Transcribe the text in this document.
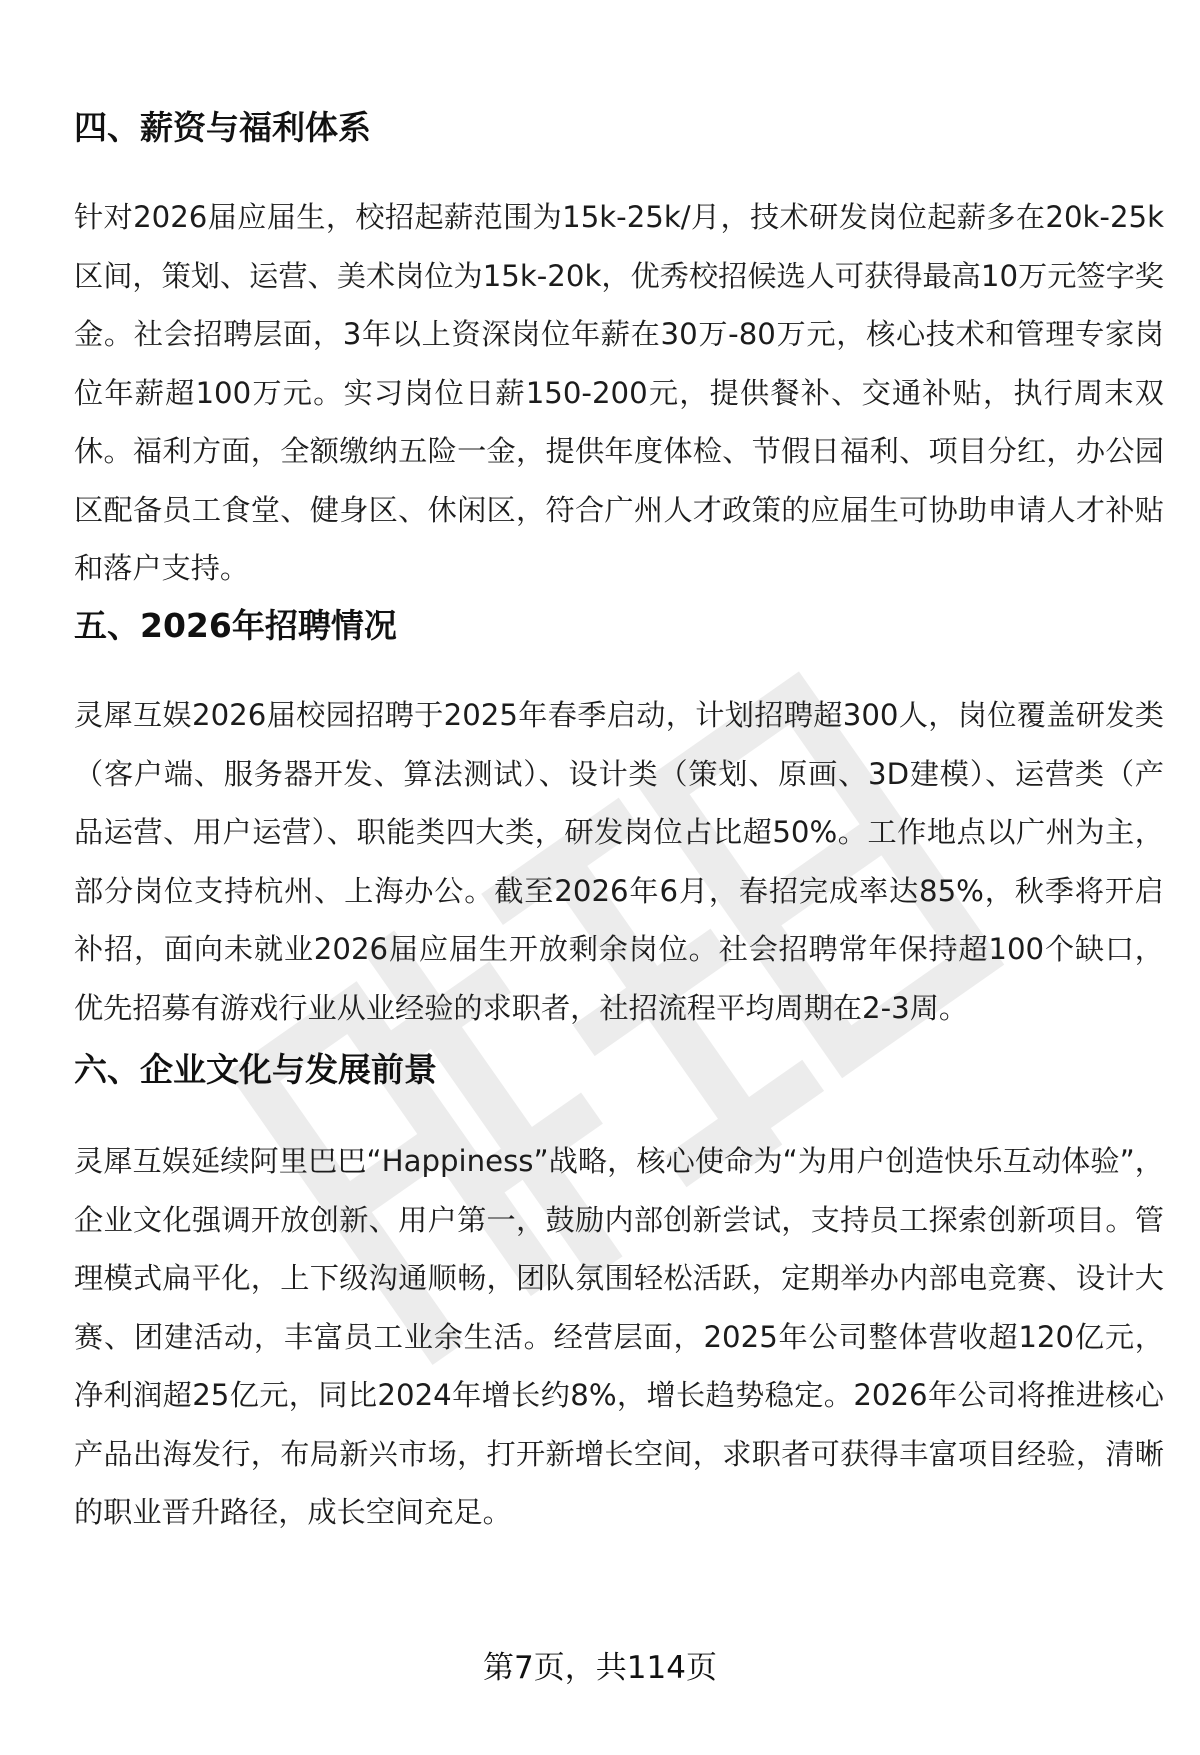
四、薪资与福利体系

针对2026届应届生，校招起薪范围为15k-25k/月，技术研发岗位起薪多在20k-25k区间，策划、运营、美术岗位为15k-20k，优秀校招候选人可获得最高10万元签字奖金。社会招聘层面，3年以上资深岗位年薪在30万-80万元，核心技术和管理专家岗位年薪超100万元。实习岗位日薪150-200元，提供餐补、交通补贴，执行周末双休。福利方面，全额缴纳五险一金，提供年度体检、节假日福利、项目分红，办公园区配备员工食堂、健身区、休闲区，符合广州人才政策的应届生可协助申请人才补贴和落户支持。

五、2026年招聘情况

灵犀互娱2026届校园招聘于2025年春季启动，计划招聘超300人，岗位覆盖研发类（客户端、服务器开发、算法测试）、设计类（策划、原画、3D建模）、运营类（产品运营、用户运营）、职能类四大类，研发岗位占比超50%。工作地点以广州为主，部分岗位支持杭州、上海办公。截至2026年6月，春招完成率达85%，秋季将开启补招，面向未就业2026届应届生开放剩余岗位。社会招聘常年保持超100个缺口，优先招募有游戏行业从业经验的求职者，社招流程平均周期在2-3周。

六、企业文化与发展前景

灵犀互娱延续阿里巴巴“Happiness”战略，核心使命为“为用户创造快乐互动体验”，企业文化强调开放创新、用户第一，鼓励内部创新尝试，支持员工探索创新项目。管理模式扁平化，上下级沟通顺畅，团队氛围轻松活跃，定期举办内部电竞赛、设计大赛、团建活动，丰富员工业余生活。经营层面，2025年公司整体营收超120亿元，净利润超25亿元，同比2024年增长约8%，增长趋势稳定。2026年公司将推进核心产品出海发行，布局新兴市场，打开新增长空间，求职者可获得丰富项目经验，清晰的职业晋升路径，成长空间充足。

第7页，共114页
